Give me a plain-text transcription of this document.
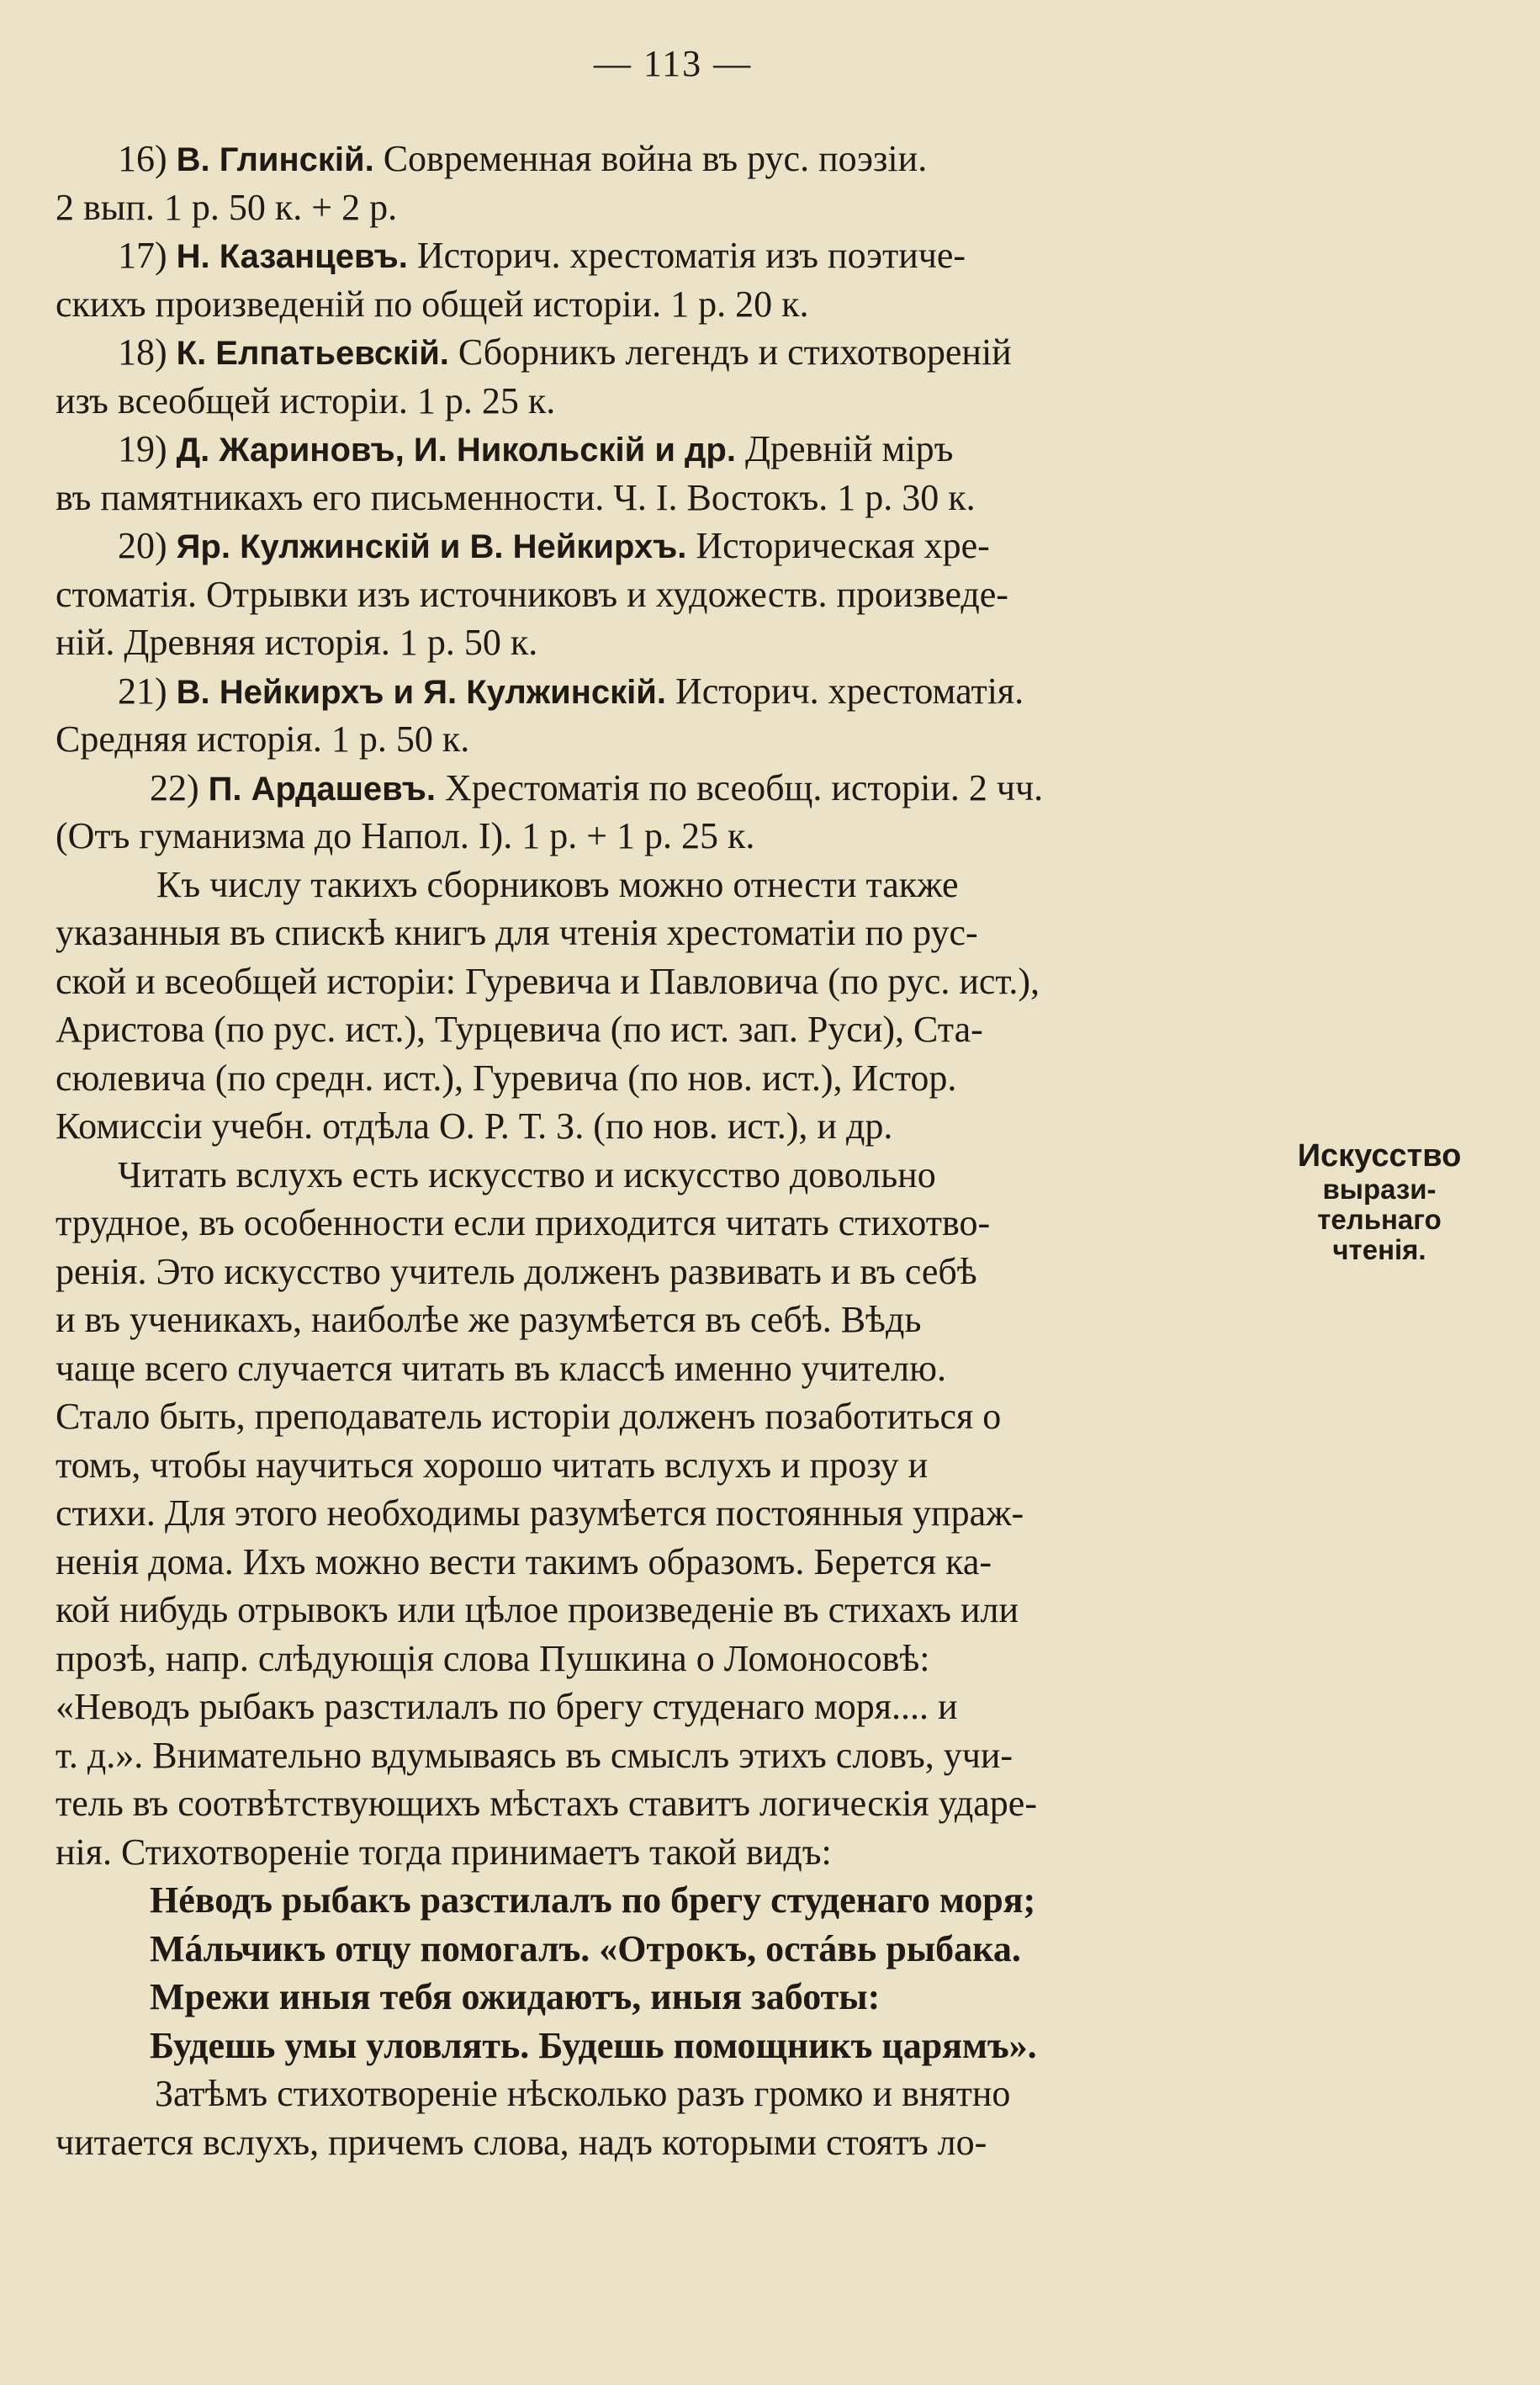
— 113 —
16) В. Глинскій. Современная война въ рус. поэзіи.
2 вып. 1 р. 50 к. + 2 р.
17) Н. Казанцевъ. Историч. хрестоматія изъ поэтиче-
скихъ произведеній по общей исторіи. 1 р. 20 к.
18) К. Елпатьевскій. Сборникъ легендъ и стихотвореній
изъ всеобщей исторіи. 1 р. 25 к.
19) Д. Жариновъ, И. Никольскій и др. Древній міръ
въ памятникахъ его письменности. Ч. I. Востокъ. 1 р. 30 к.
20) Яр. Кулжинскій и В. Нейкирхъ. Историческая хре-
стоматія. Отрывки изъ источниковъ и художеств. произведе-
ній. Древняя исторія. 1 р. 50 к.
21) В. Нейкирхъ и Я. Кулжинскій. Историч. хрестоматія.
Средняя исторія. 1 р. 50 к.
22) П. Ардашевъ. Хрестоматія по всеобщ. исторіи. 2 чч.
(Отъ гуманизма до Напол. I). 1 р. + 1 р. 25 к.
Къ числу такихъ сборниковъ можно отнести также
указанныя въ спискѣ книгъ для чтенія хрестоматіи по рус-
ской и всеобщей исторіи: Гуревича и Павловича (по рус. ист.),
Аристова (по рус. ист.), Турцевича (по ист. зап. Руси), Ста-
сюлевича (по средн. ист.), Гуревича (по нов. ист.), Истор.
Комиссіи учебн. отдѣла О. Р. Т. З. (по нов. ист.), и др.
Читать вслухъ есть искусство и искусство довольно
трудное, въ особенности если приходится читать стихотво-
ренія. Это искусство учитель долженъ развивать и въ себѣ
и въ ученикахъ, наиболѣе же разумѣется въ себѣ. Вѣдь
чаще всего случается читать въ классѣ именно учителю.
Стало быть, преподаватель исторіи долженъ позаботиться о
томъ, чтобы научиться хорошо читать вслухъ и прозу и
стихи. Для этого необходимы разумѣется постоянныя упраж-
ненія дома. Ихъ можно вести такимъ образомъ. Берется ка-
кой нибудь отрывокъ или цѣлое произведеніе въ стихахъ или
прозѣ, напр. слѣдующія слова Пушкина о Ломоносовѣ:
«Неводъ рыбакъ разстилалъ по брегу студенаго моря.... и
т. д.». Внимательно вдумываясь въ смыслъ этихъ словъ, учи-
тель въ соотвѣтствующихъ мѣстахъ ставитъ логическія ударе-
нія. Стихотвореніе тогда принимаетъ такой видъ:
Нéводъ рыбакъ разстилалъ по брегу студенаго моря;
Мáльчикъ отцу помогалъ. «Отрокъ, остáвь рыбака.
Мрежи иныя тебя ожидаютъ, иныя заботы:
Будешь умы уловлять. Будешь помощникъ царямъ».
Затѣмъ стихотвореніе нѣсколько разъ громко и внятно
читается вслухъ, причемъ слова, надъ которыми стоятъ ло-
Искусство
вырази-
тельнаго
чтенія.
